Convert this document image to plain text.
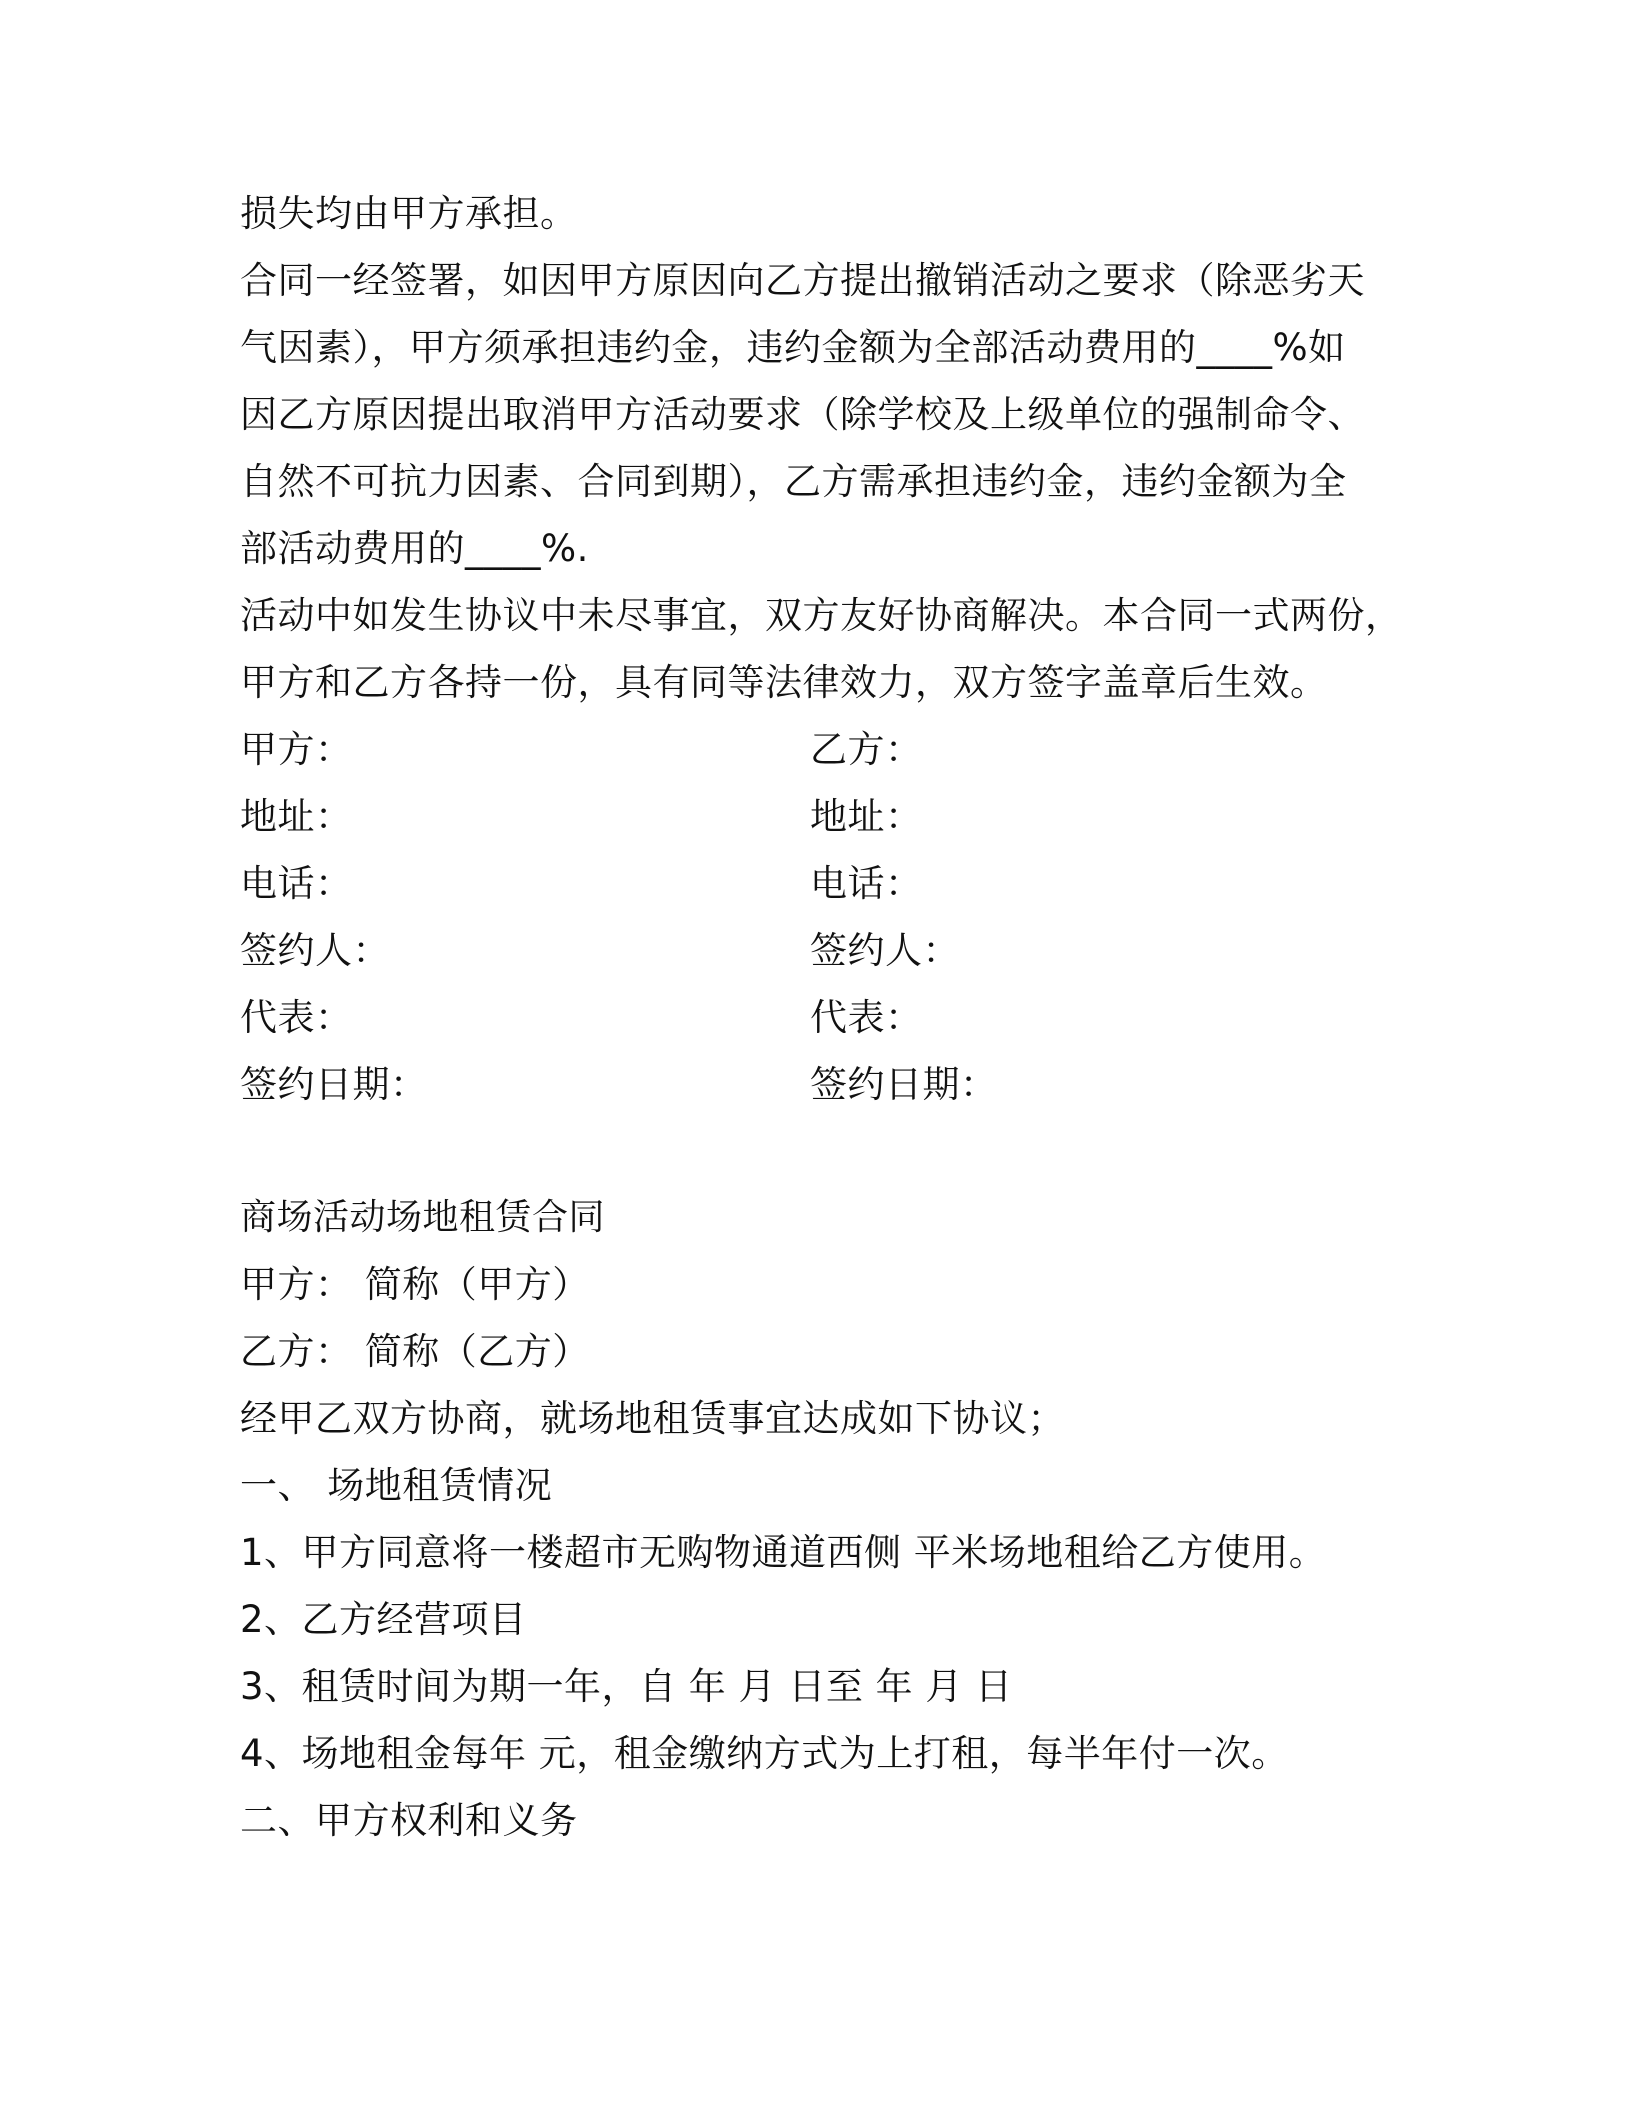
损失均由甲方承担。
合同一经签署，如因甲方原因向乙方提出撤销活动之要求（除恶劣天
气因素），甲方须承担违约金，违约金额为全部活动费用的____%如
因乙方原因提出取消甲方活动要求（除学校及上级单位的强制命令、
自然不可抗力因素、合同到期），乙方需承担违约金，违约金额为全
部活动费用的____%.
活动中如发生协议中未尽事宜，双方友好协商解决。本合同一式两份，
甲方和乙方各持一份，具有同等法律效力，双方签字盖章后生效。
甲方：	乙方：
地址：	地址：
电话：	电话：
签约人：	签约人：
代表：	代表：
签约日期：	签约日期：
商场活动场地租赁合同
甲方： 简称（甲方）
乙方： 简称（乙方）
经甲乙双方协商，就场地租赁事宜达成如下协议；
一、 场地租赁情况
1、甲方同意将一楼超市无购物通道西侧 平米场地租给乙方使用。
2、乙方经营项目
3、租赁时间为期一年，自 年 月 日至 年 月 日
4、场地租金每年 元，租金缴纳方式为上打租，每半年付一次。
二、甲方权利和义务
